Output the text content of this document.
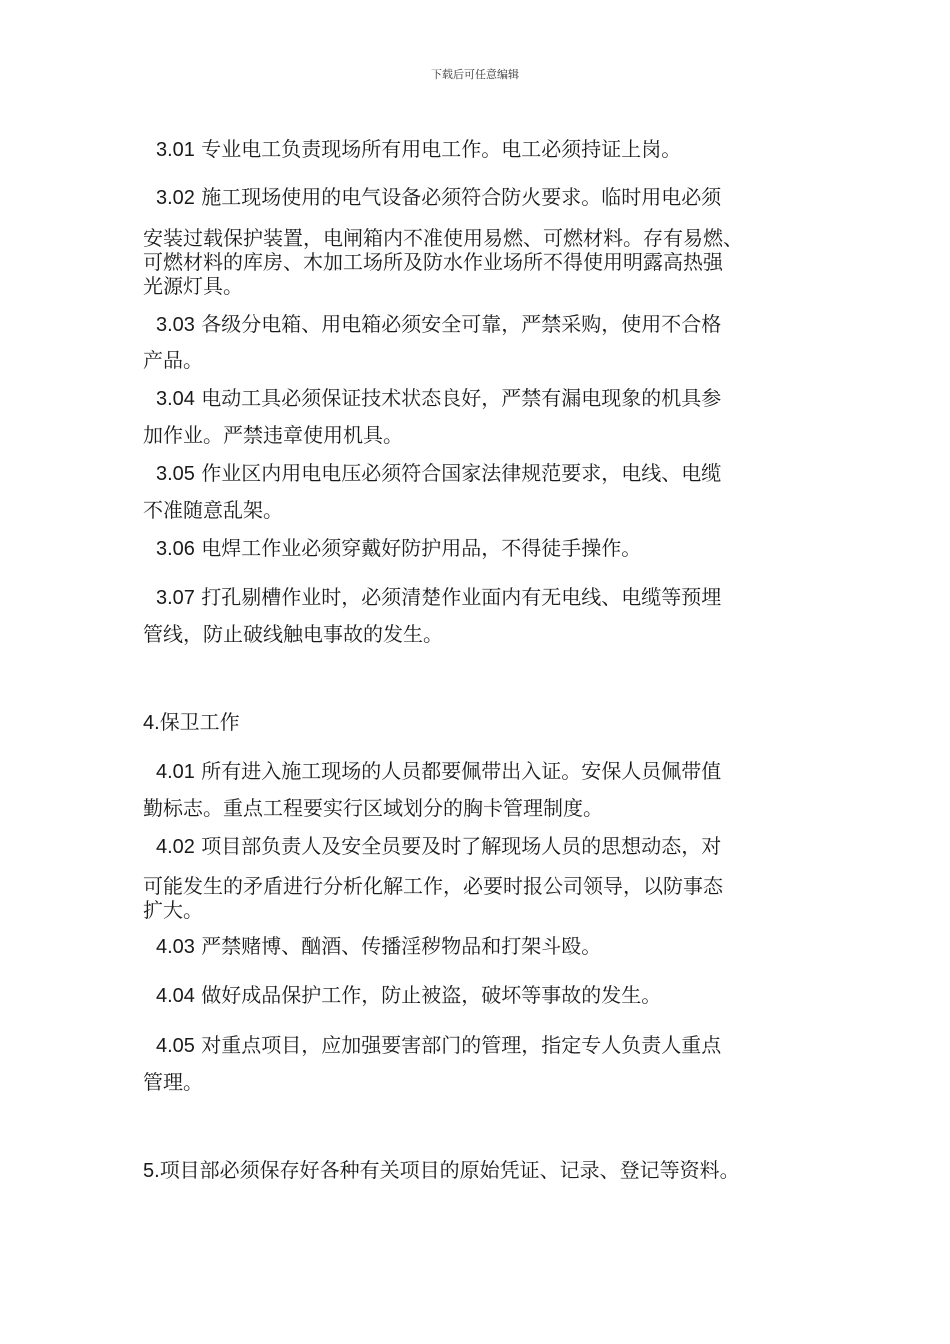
下载后可任意编辑
3.01 专业电工负责现场所有用电工作。电工必须持证上岗。
3.02 施工现场使用的电气设备必须符合防火要求。临时用电必须
安装过载保护装置，电闸箱内不准使用易燃、可燃材料。存有易燃、
可燃材料的库房、木加工场所及防水作业场所不得使用明露高热强
光源灯具。
3.03 各级分电箱、用电箱必须安全可靠，严禁采购，使用不合格
产品。
3.04 电动工具必须保证技术状态良好，严禁有漏电现象的机具参
加作业。严禁违章使用机具。
3.05 作业区内用电电压必须符合国家法律规范要求，电线、电缆
不准随意乱架。
3.06 电焊工作业必须穿戴好防护用品，不得徒手操作。
3.07 打孔剔槽作业时，必须清楚作业面内有无电线、电缆等预埋
管线，防止破线触电事故的发生。
4.保卫工作
4.01 所有进入施工现场的人员都要佩带出入证。安保人员佩带值
勤标志。重点工程要实行区域划分的胸卡管理制度。
4.02 项目部负责人及安全员要及时了解现场人员的思想动态，对
可能发生的矛盾进行分析化解工作，必要时报公司领导，以防事态
扩大。
4.03 严禁赌博、酗酒、传播淫秽物品和打架斗殴。
4.04 做好成品保护工作，防止被盗，破坏等事故的发生。
4.05 对重点项目，应加强要害部门的管理，指定专人负责人重点
管理。
5.项目部必须保存好各种有关项目的原始凭证、记录、登记等资料。
